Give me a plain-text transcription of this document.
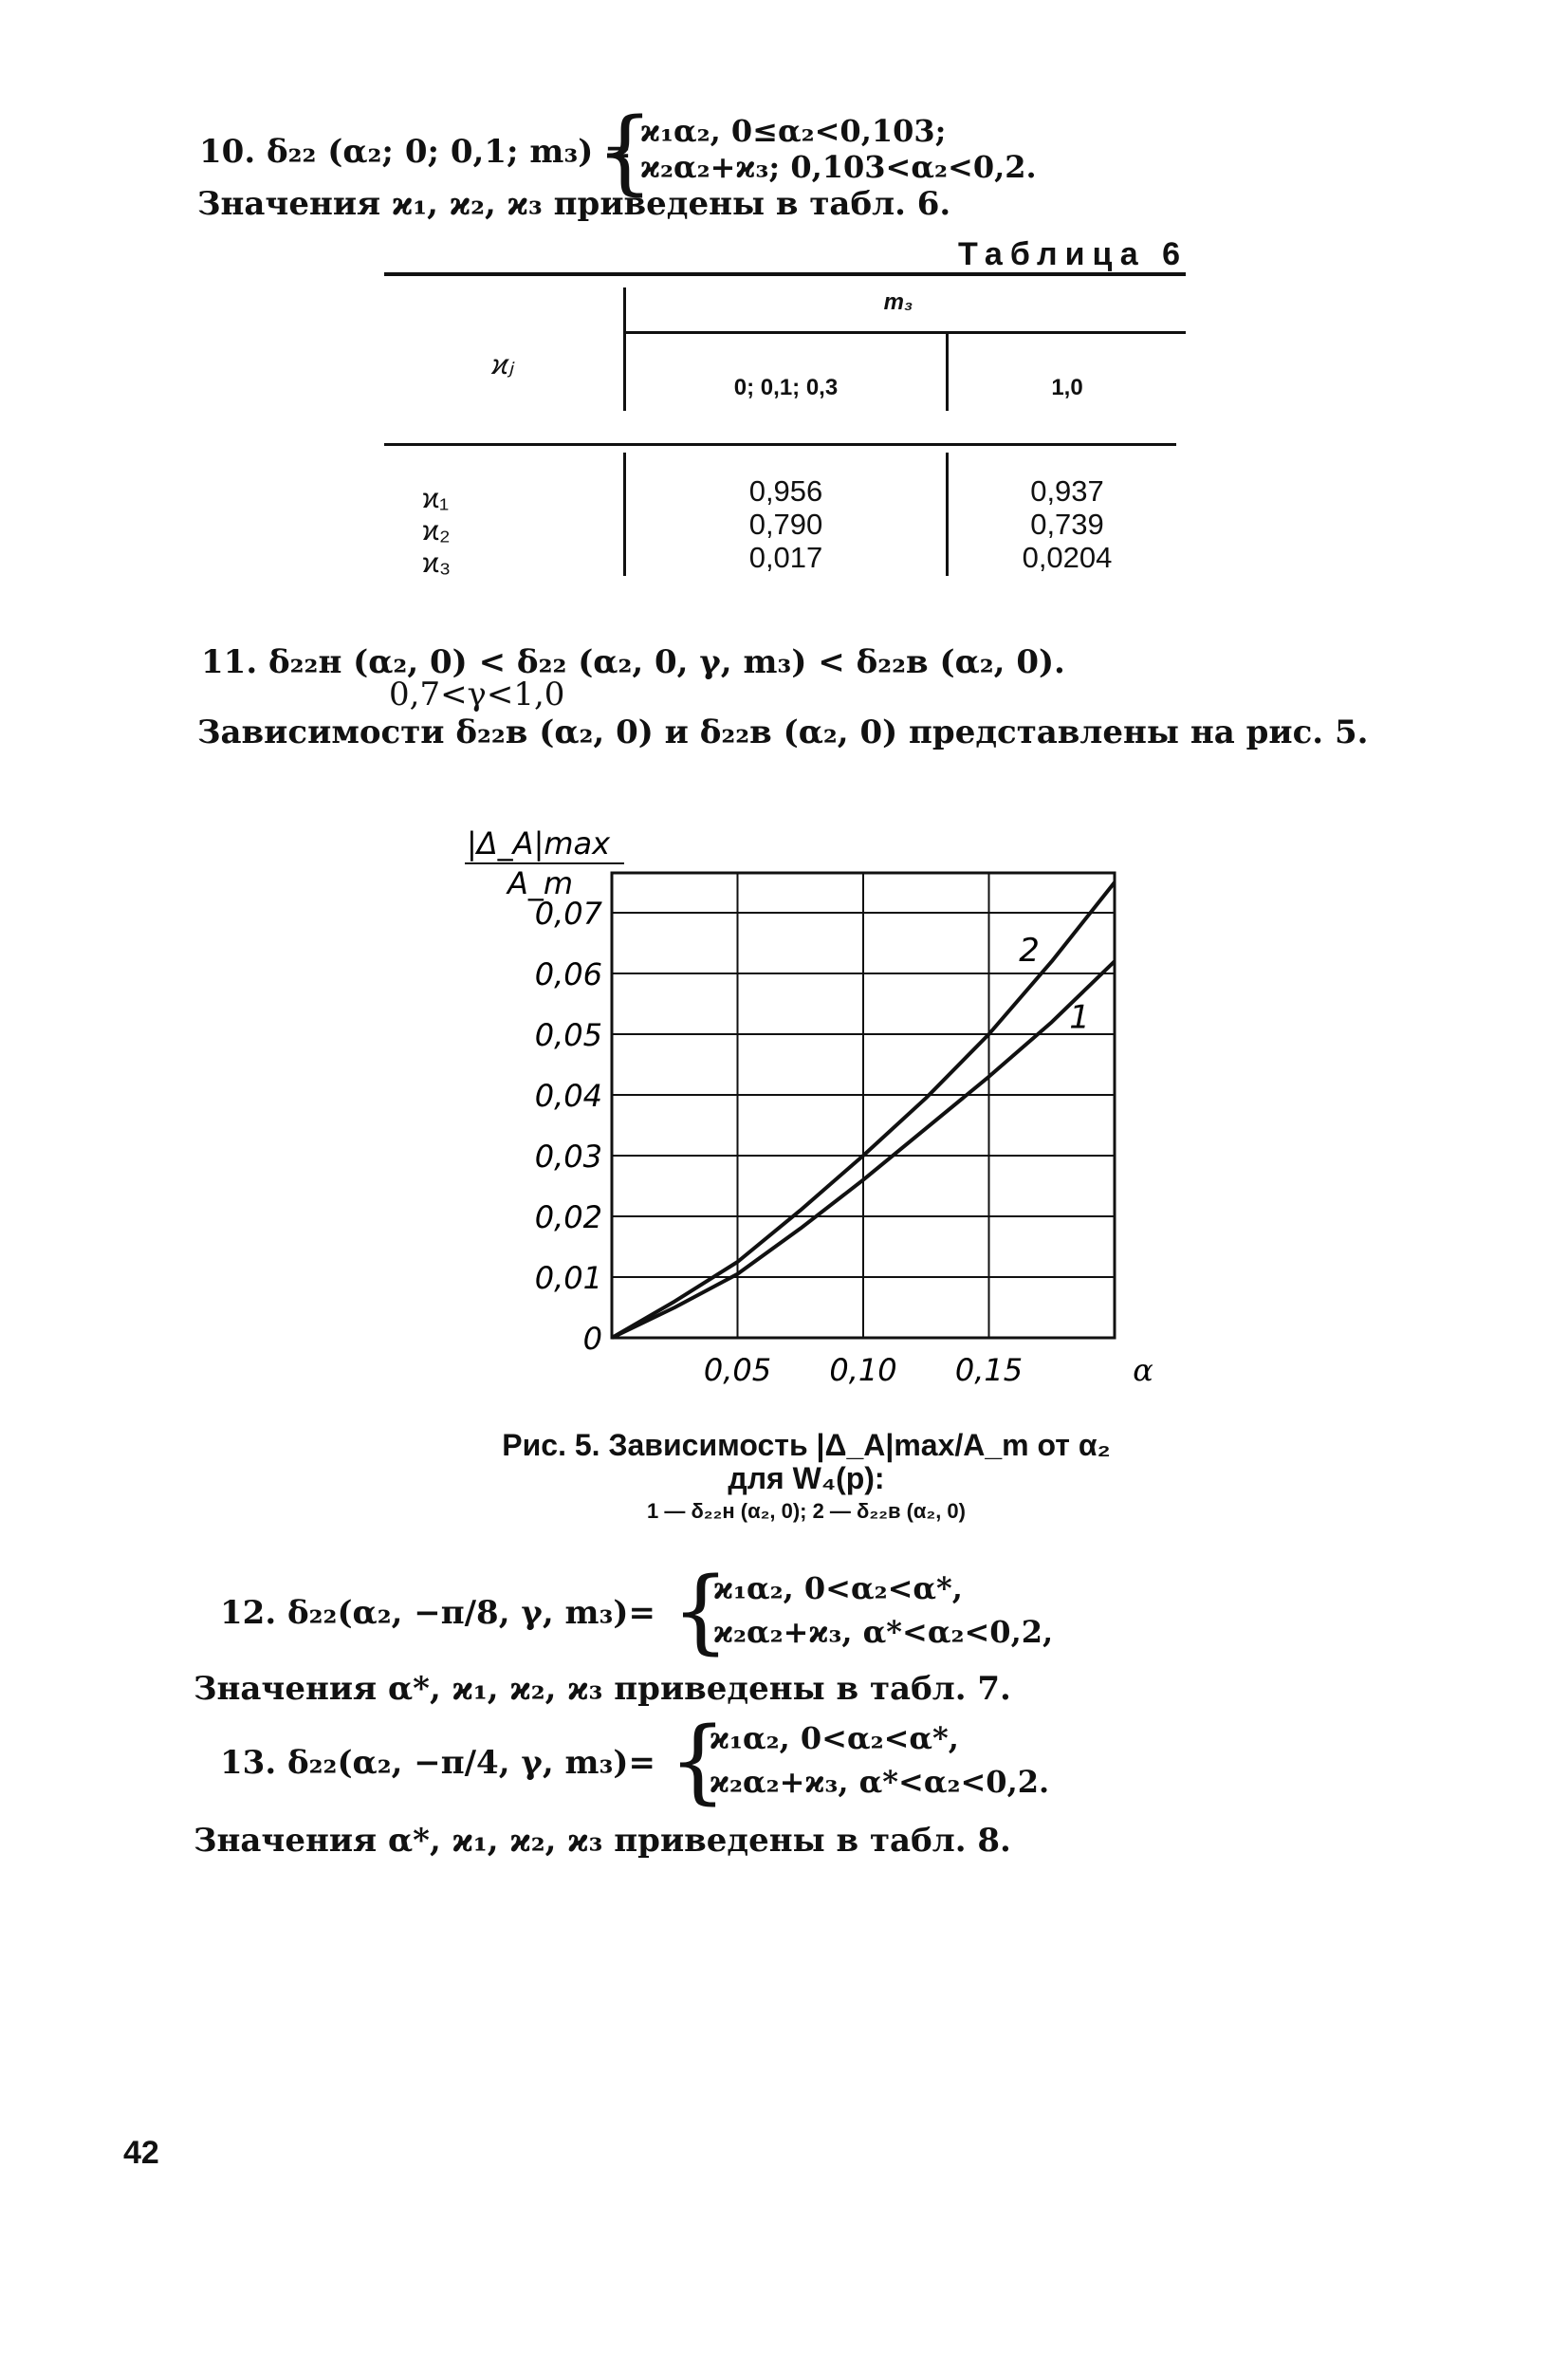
10. δ₂₂ (α₂; 0; 0,1; m₃) =
{
ϰ₁α₂, 0≤α₂<0,103;
ϰ₂α₂+ϰ₃; 0,103<α₂<0,2.
Значения ϰ₁, ϰ₂, ϰ₃ приведены в табл. 6.
Таблица 6
m₃
ϰⱼ
0; 0,1; 0,3	1,0
ϰ₁	0,956	0,937
ϰ₂	0,790	0,739
ϰ₃	0,017	0,0204
11. δ₂₂н (α₂, 0) < δ₂₂ (α₂, 0, γ, m₃) < δ₂₂в (α₂, 0).
0,7<γ<1,0
Зависимости δ₂₂в (α₂, 0) и δ₂₂в (α₂, 0) представлены на рис. 5.
0
0,01
0,02
0,03
0,04
0,05
0,06
0,07
0,05 0,10 0,15	α
|Δ_A|max
A_m
1
2
Рис. 5. Зависимость |Δ_A|max/A_m от α₂
для W₄(p):
1 — δ₂₂н (α₂, 0); 2 — δ₂₂в (α₂, 0)
12. δ₂₂(α₂, −π/8, γ, m₃)= {
ϰ₁α₂, 0<α₂<α*,
ϰ₂α₂+ϰ₃, α*<α₂<0,2,
Значения α*, ϰ₁, ϰ₂, ϰ₃ приведены в табл. 7.
13. δ₂₂(α₂, −π/4, γ, m₃)= {
ϰ₁α₂, 0<α₂<α*,
ϰ₂α₂+ϰ₃, α*<α₂<0,2.
Значения α*, ϰ₁, ϰ₂, ϰ₃ приведены в табл. 8.
42
